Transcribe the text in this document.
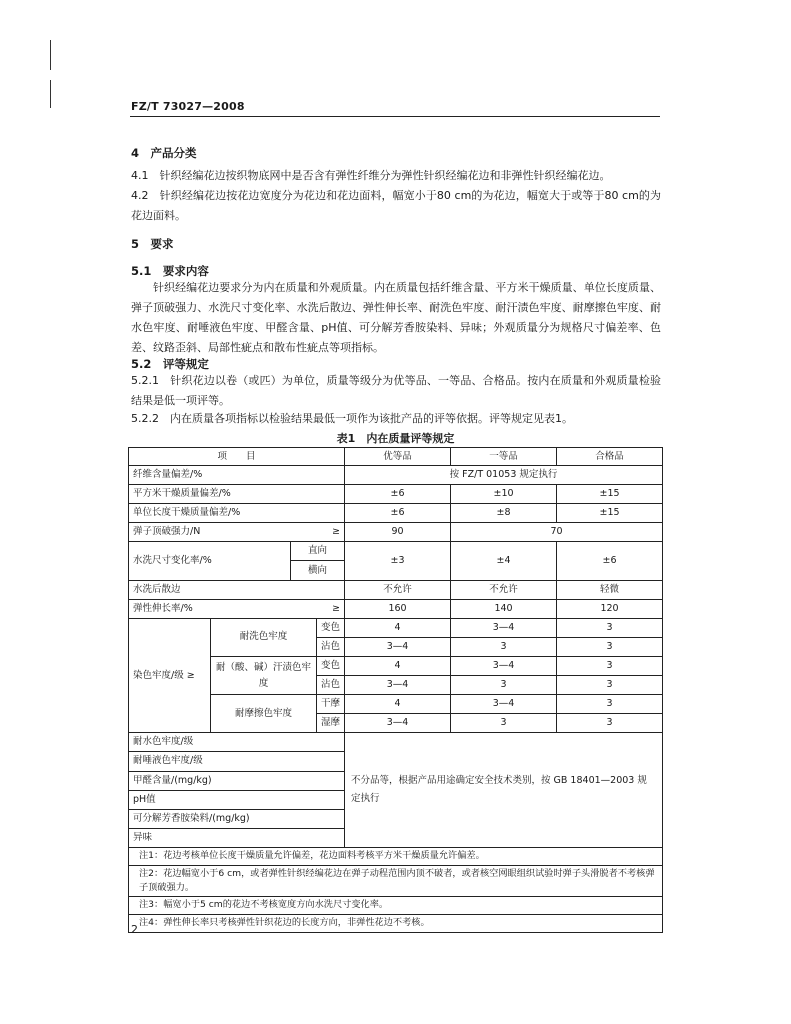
FZ/T 73027—2008
4　产品分类
4.1　针织经编花边按织物底网中是否含有弹性纤维分为弹性针织经编花边和非弹性针织经编花边。
4.2　针织经编花边按花边宽度分为花边和花边面料，幅宽小于80 cm的为花边，幅宽大于或等于80 cm的为花边面料。
5　要求
5.1　要求内容
针织经编花边要求分为内在质量和外观质量。内在质量包括纤维含量、平方米干燥质量、单位长度质量、弹子顶破强力、水洗尺寸变化率、水洗后散边、弹性伸长率、耐洗色牢度、耐汗渍色牢度、耐摩擦色牢度、耐水色牢度、耐唾液色牢度、甲醛含量、pH值、可分解芳香胺染料、异味；外观质量分为规格尺寸偏差率、色差、纹路歪斜、局部性疵点和散布性疵点等项指标。
5.2　评等规定
5.2.1　针织花边以卷（或匹）为单位，质量等级分为优等品、一等品、合格品。按内在质量和外观质量检验结果是低一项评等。
5.2.2　内在质量各项指标以检验结果最低一项作为该批产品的评等依据。评等规定见表1。
表1　内在质量评等规定
项　　目				优等品	一等品	合格品
纤维含量偏差/%				按 FZ/T 01053 规定执行		
平方米干燥质量偏差/%				±6	±10	±15
单位长度干燥质量偏差/%				±6	±8	±15
弹子顶破强力/N			≥	90	70	
水洗尺寸变化率/%		直向		±3	±4	±6
		横向				
水洗后散边				不允许	不允许	轻微
弹性伸长率/%			≥	160	140	120
染色牢度/级 ≥	耐洗色牢度		变色	4	3—4	3
			沾色	3—4	3	3
	耐（酸、碱）汗渍色牢度		变色	4	3—4	3
			沾色	3—4	3	3
	耐摩擦色牢度		干摩	4	3—4	3
			湿摩	3—4	3	3
耐水色牢度/级				不分品等，根据产品用途确定安全技术类别，按 GB 18401—2003 规定执行		
耐唾液色牢度/级						
甲醛含量/(mg/kg)						
pH值						
可分解芳香胺染料/(mg/kg)						
异味						
注1：花边考核单位长度干燥质量允许偏差，花边面料考核平方米干燥质量允许偏差。						
注2：花边幅宽小于6 cm，或者弹性针织经编花边在弹子动程范围内顶不破者，或者核空网眼组织试验时弹子头滑脱者不考核弹子顶破强力。						
注3：幅宽小于5 cm的花边不考核宽度方向水洗尺寸变化率。						
注4：弹性伸长率只考核弹性针织花边的长度方向，非弹性花边不考核。						
2
